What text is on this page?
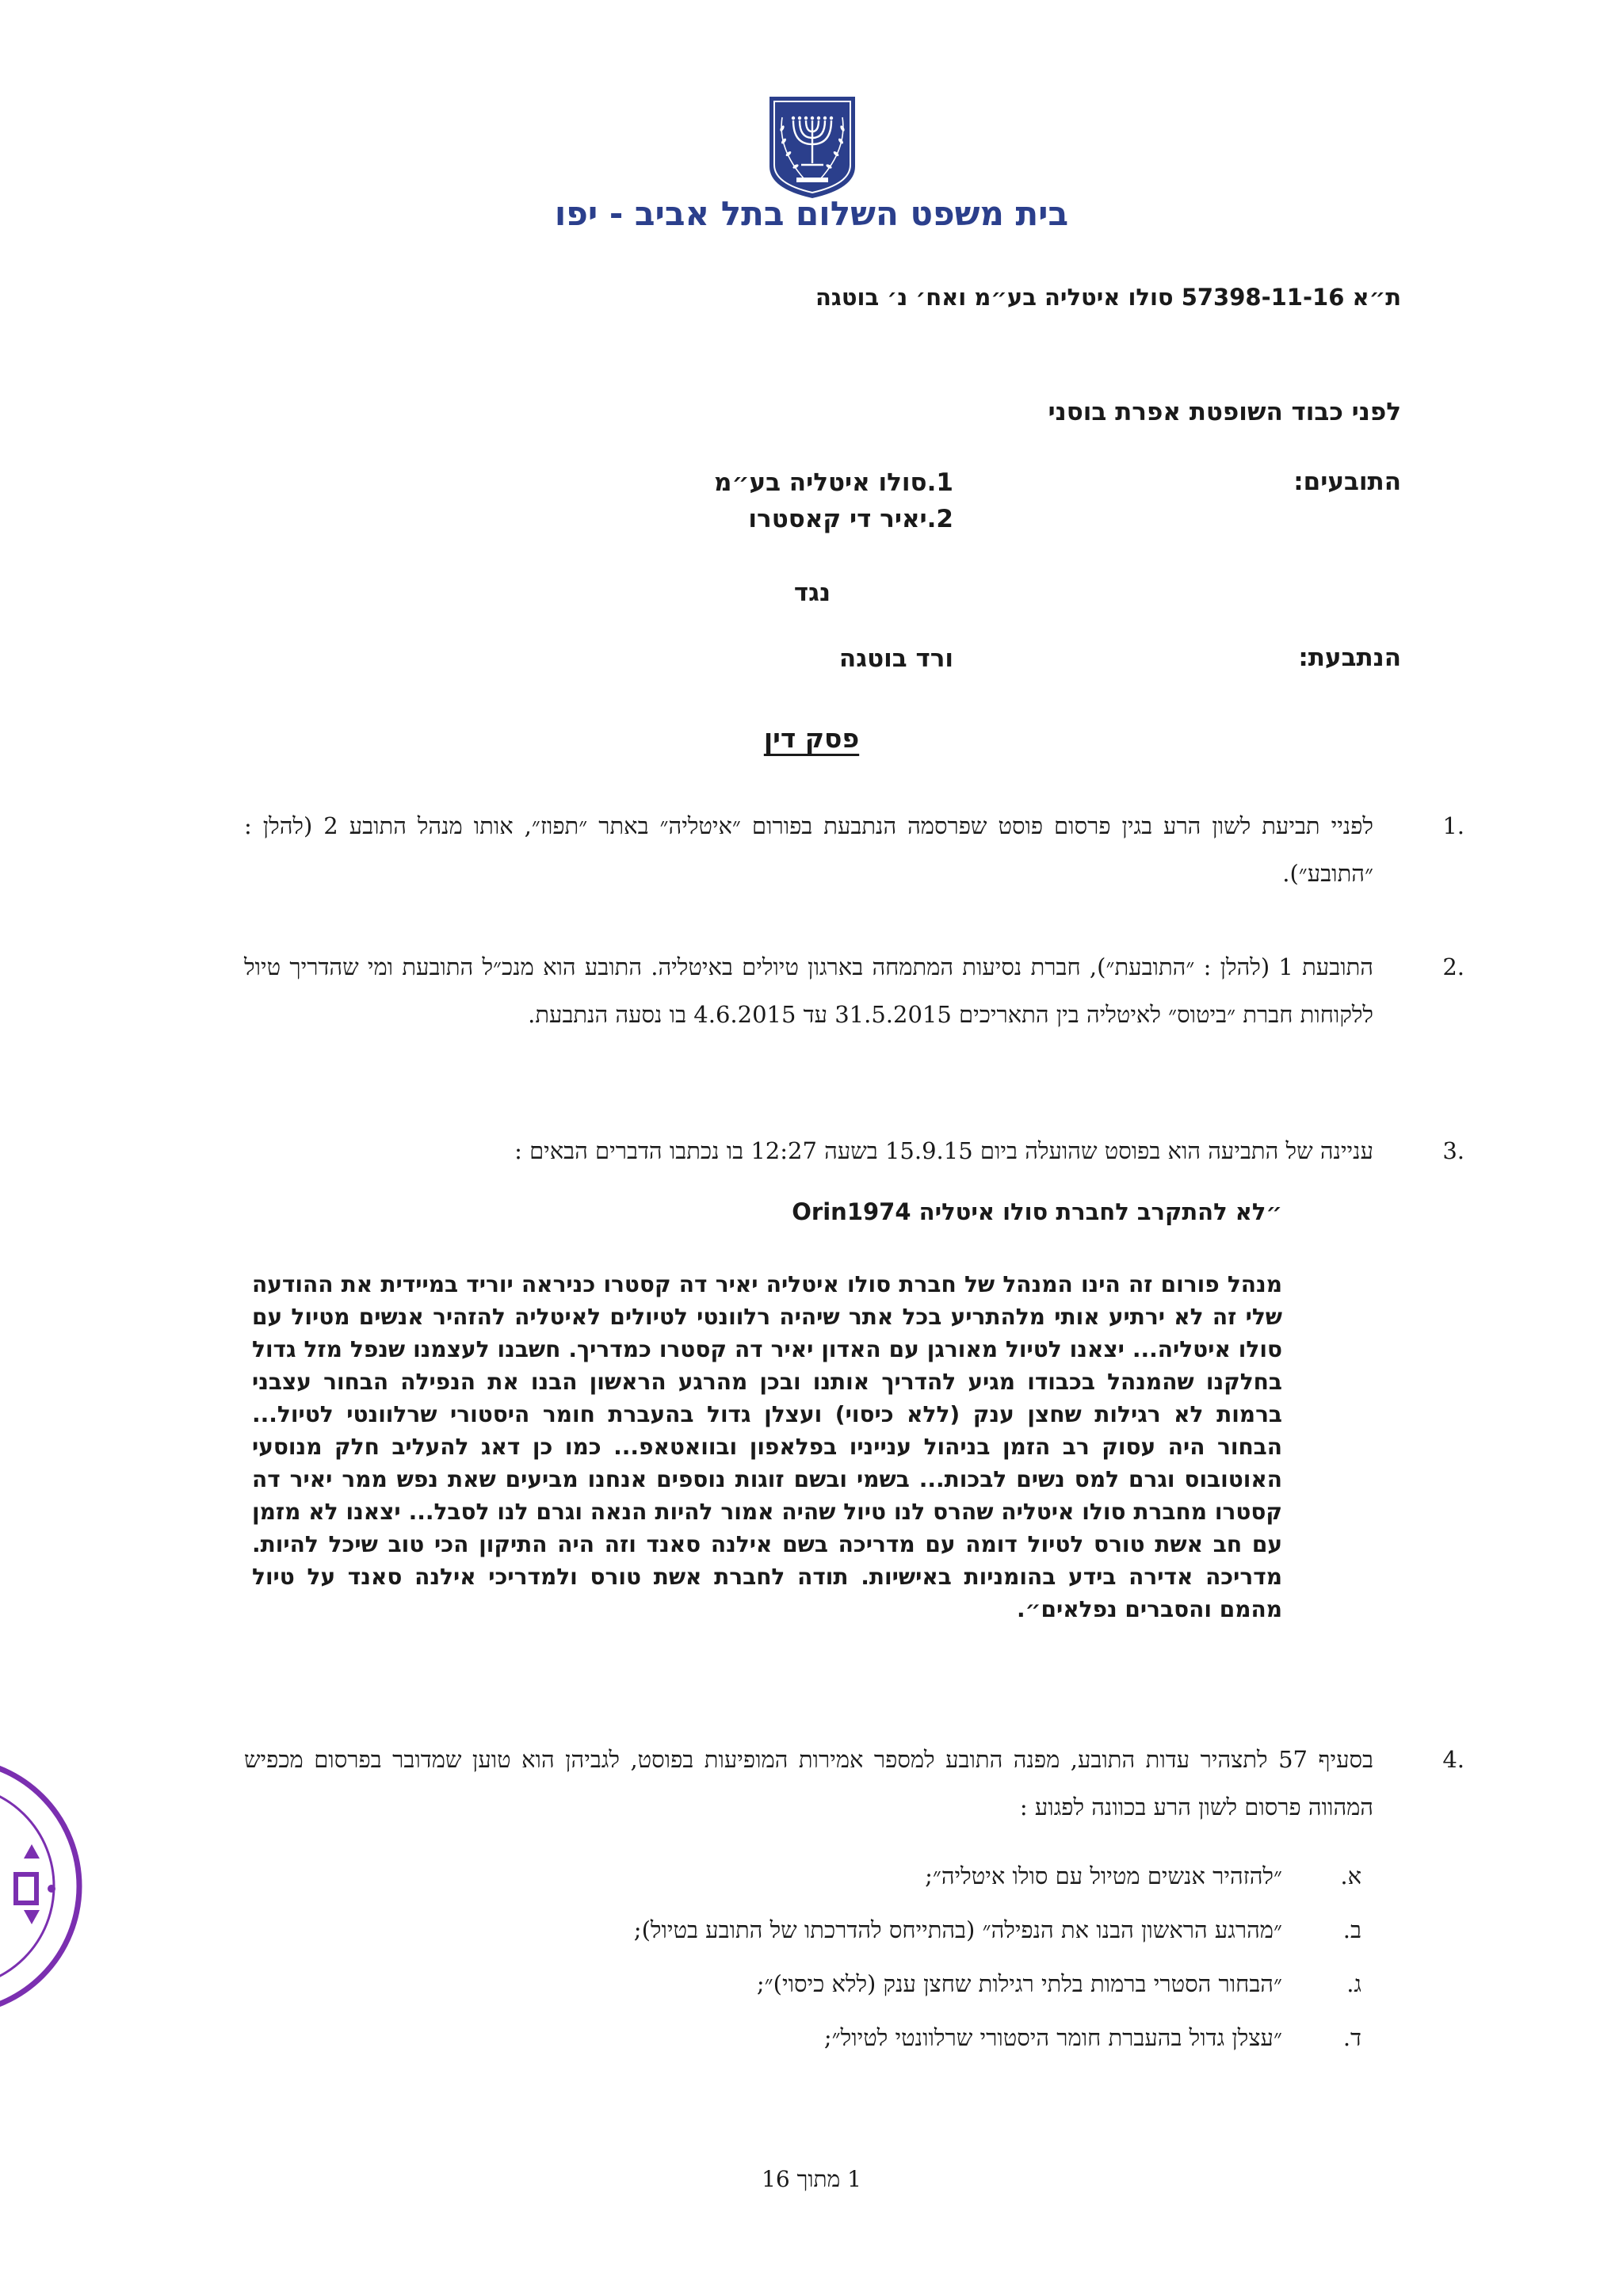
בית משפט השלום בתל אביב - יפו
ת״א 57398-11-16 סולו איטליה בע״מ ואח׳ נ׳ בוטגה
לפני כבוד השופטת אפרת בוסני
התובעים:
1.סולו איטליה בע״מ
2.יאיר די קאסטרו
נגד
הנתבעת:
ורד בוטגה
פסק דין
1.
לפניי תביעת לשון הרע בגין פרסום פוסט שפרסמה הנתבעת בפורום ״איטליה״ באתר ״תפוז״, אותו מנהל התובע 2 (להלן : ״התובע״).
2.
התובעת 1 (להלן : ״התובעת״), חברת נסיעות המתמחה בארגון טיולים באיטליה. התובע הוא מנכ״ל התובעת ומי שהדריך טיול ללקוחות חברת ״ביטוס״ לאיטליה בין התאריכים 31.5.2015 עד 4.6.2015 בו נסעה הנתבעת.
3.
עניינה של התביעה הוא בפוסט שהועלה ביום 15.9.15 בשעה 12:27 בו נכתבו הדברים הבאים :
״לא להתקרב לחברת סולו איטליה Orin1974
מנהל פורום זה הינו המנהל של חברת סולו איטליה יאיר דה קסטרו כניראה יוריד במיידית את ההודעה שלי זה לא ירתיע אותי מלהתריע בכל אתר שיהיה רלוונטי לטיולים לאיטליה להזהיר אנשים מטיול עם סולו איטליה... יצאנו לטיול מאורגן עם האדון יאיר דה קסטרו כמדריך. חשבנו לעצמנו שנפל מזל גדול בחלקנו שהמנהל בכבודו מגיע להדריך אותנו ובכן מהרגע הראשון הבנו את הנפילה הבחור עצבני ברמות לא רגילות שחצן ענק (ללא כיסוי) ועצלן גדול בהעברת חומר היסטורי שרלוונטי לטיול... הבחור היה עסוק רב הזמן בניהול ענייניו בפלאפון ובוואטאפ... כמו כן דאג להעליב חלק מנוסעי האוטובוס וגרם למס נשים לבכות... בשמי ובשם זוגות נוספים אנחנו מביעים שאת נפש ממר יאיר דה קסטרו מחברת סולו איטליה שהרס לנו טיול שהיה אמור להיות הנאה וגרם לנו לסבל... יצאנו לא מזמן עם חב אשת טורס לטיול דומה עם מדריכה בשם אילנה סאנד וזה היה התיקון הכי טוב שיכל להיות. מדריכה אדירה בידע בהומניות באישיות. תודה לחברת אשת טורס ולמדריכי אילנה סאנד על טיול מהמם והסברים נפלאים״.
4.
בסעיף 57 לתצהיר עדות התובע, מפנה התובע למספר אמירות המופיעות בפוסט, לגביהן הוא טוען שמדובר בפרסום מכפיש המהווה פרסום לשון הרע בכוונה לפגוע :
א.
״להזהיר אנשים מטיול עם סולו איטליה״;
ב.
״מהרגע הראשון הבנו את הנפילה״ (בהתייחס להדרכתו של התובע בטיול);
ג.
״הבחור הסטרי ברמות בלתי רגילות שחצן ענק (ללא כיסוי)״;
ד.
״עצלן גדול בהעברת חומר היסטורי שרלוונטי לטיול״;
1 מתוך 16
